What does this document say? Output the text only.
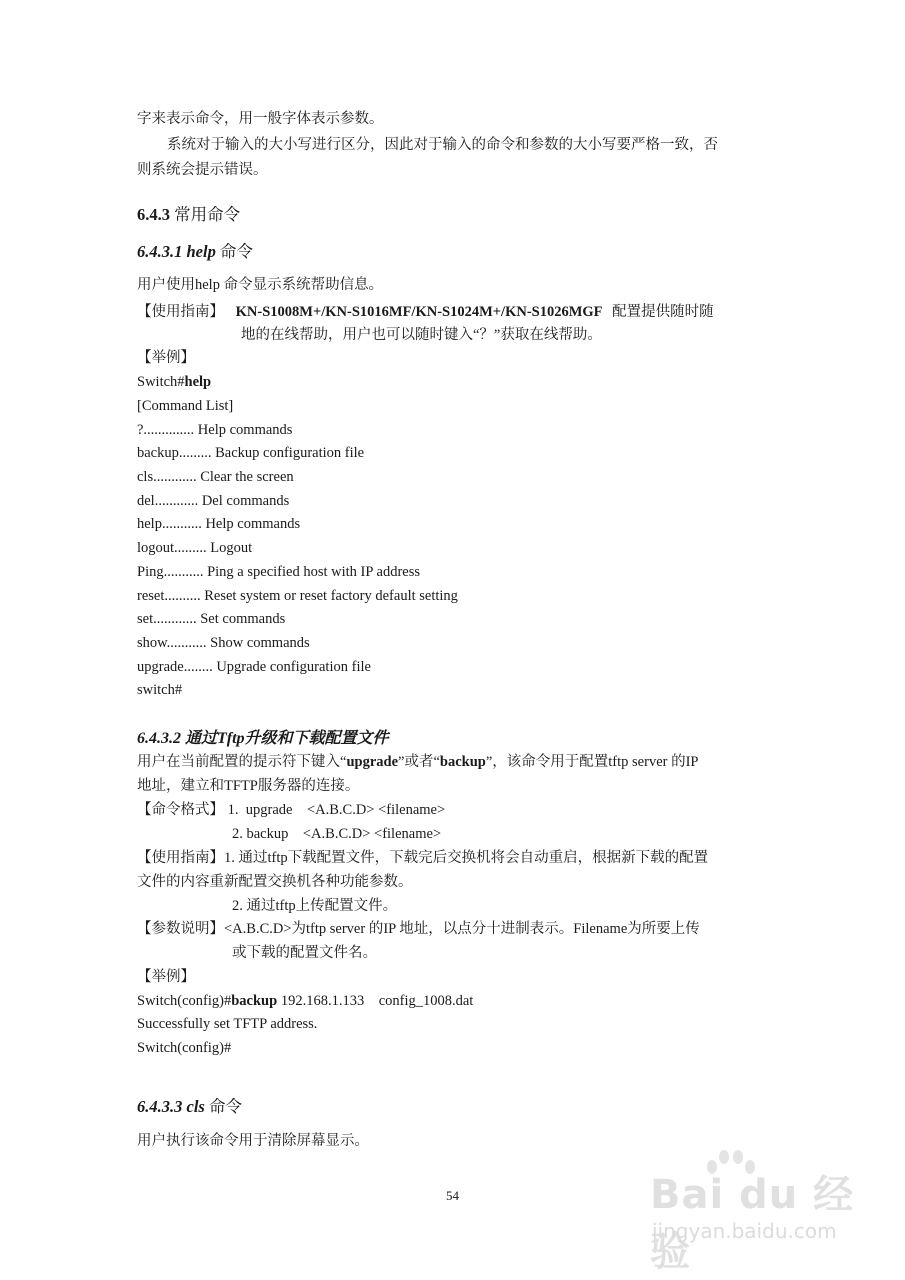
字来表示命令，用一般字体表示参数。
系统对于输入的大小写进行区分，因此对于输入的命令和参数的大小写要严格一致，否
则系统会提示错误。
6.4.3 常用命令
6.4.3.1 help 命令
用户使用help 命令显示系统帮助信息。
【使用指南】 KN-S1008M+/KN-S1016MF/KN-S1024M+/KN-S1026MGF 配置提供随时随
地的在线帮助，用户也可以随时键入“？”获取在线帮助。
【举例】
Switch#help
[Command List]
?.............. Help commands
backup......... Backup configuration file
cls............ Clear the screen
del............ Del commands
help........... Help commands
logout......... Logout
Ping........... Ping a specified host with IP address
reset.......... Reset system or reset factory default setting
set............ Set commands
show........... Show commands
upgrade........ Upgrade configuration file
switch#
6.4.3.2 通过Tftp升级和下载配置文件
用户在当前配置的提示符下键入“upgrade”或者“backup”，该命令用于配置tftp server 的IP
地址，建立和TFTP服务器的连接。
【命令格式】 1.  upgrade    <A.B.C.D> <filename>
2. backup    <A.B.C.D> <filename>
【使用指南】1. 通过tftp下载配置文件，下载完后交换机将会自动重启，根据新下载的配置
文件的内容重新配置交换机各种功能参数。
2. 通过tftp上传配置文件。
【参数说明】<A.B.C.D>为tftp server 的IP 地址，以点分十进制表示。Filename为所要上传
或下载的配置文件名。
【举例】
Switch(config)#backup 192.168.1.133    config_1008.dat
Successfully set TFTP address.
Switch(config)#
6.4.3.3 cls 命令
用户执行该命令用于清除屏幕显示。
54	Bai du 经验
jingyan.baidu.com
